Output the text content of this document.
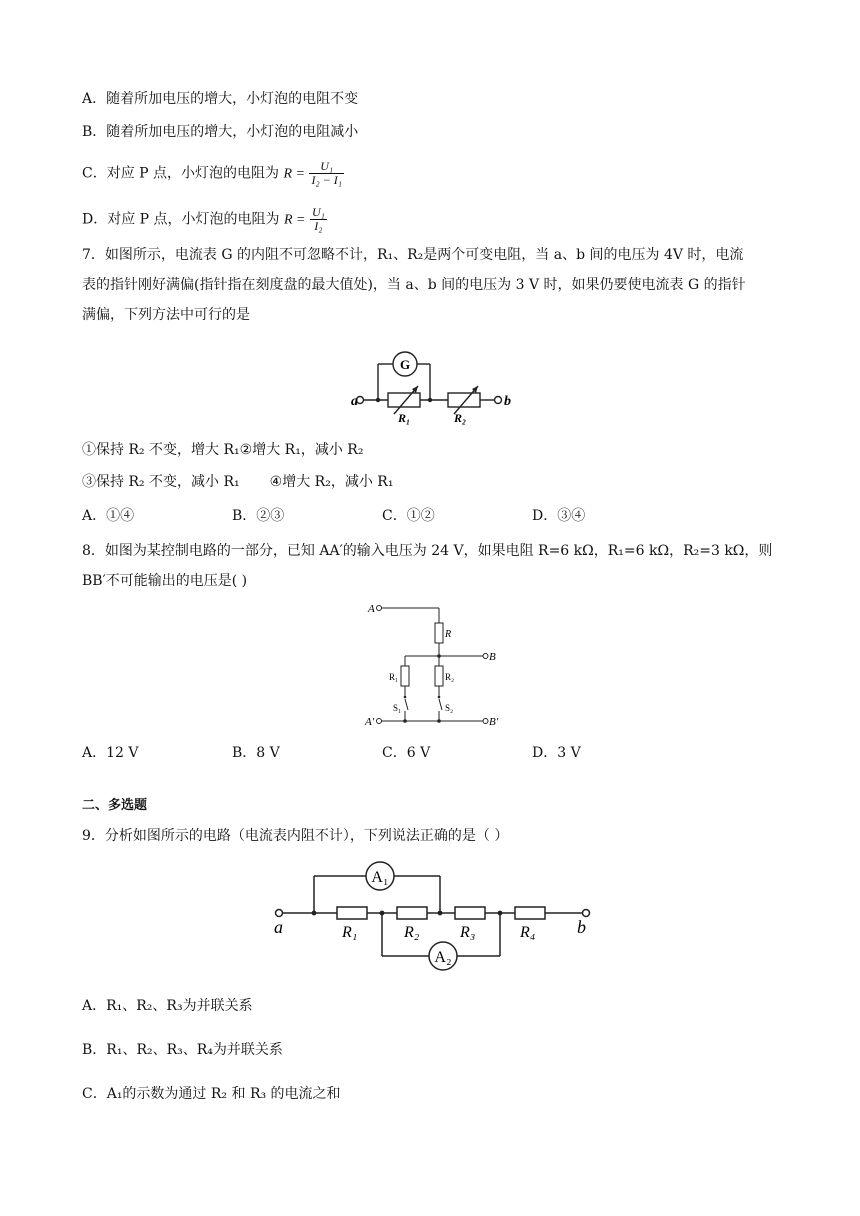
A．随着所加电压的增大，小灯泡的电阻不变
B．随着所加电压的增大，小灯泡的电阻减小
C．对应 P 点，小灯泡的电阻为 $R = \frac{\text{U₁}}{\text{I₂ − I₁}}$
D．对应 P 点，小灯泡的电阻为 $R = \frac{\text{U₁}}{\text{I₂}}$
7．如图所示，电流表 G 的内阻不可忽略不计，R₁、R₂是两个可变电阻，当 a、b 间的电压为 4V 时，电流
表的指针刚好满偏(指针指在刻度盘的最大值处)，当 a、b 间的电压为 3 V 时，如果仍要使电流表 G 的指针
满偏，下列方法中可行的是
G
a	b
R₁	R₂
①保持 R₂ 不变，增大 R₁②增大 R₁，减小 R₂
③保持 R₂ 不变，减小 R₁ ④增大 R₂，减小 R₁
A．①④	B．②③	C．①②	D．③④
8．如图为某控制电路的一部分，已知 AA′的输入电压为 24 V，如果电阻 R=6 kΩ，R₁=6 kΩ，R₂=3 kΩ，则
BB′不可能输出的电压是( )
A
A′
B
B′
R
R₁	R₂
S₁	S₂
A．12 V	B．8 V	C．6 V	D．3 V
二、多选题
9．分析如图所示的电路（电流表内阻不计），下列说法正确的是（ ）
A₁
A₂
a	b
R₁	R₂	R₃	R₄
A．R₁、R₂、R₃为并联关系
B．R₁、R₂、R₃、R₄为并联关系
C．A₁的示数为通过 R₂ 和 R₃ 的电流之和
